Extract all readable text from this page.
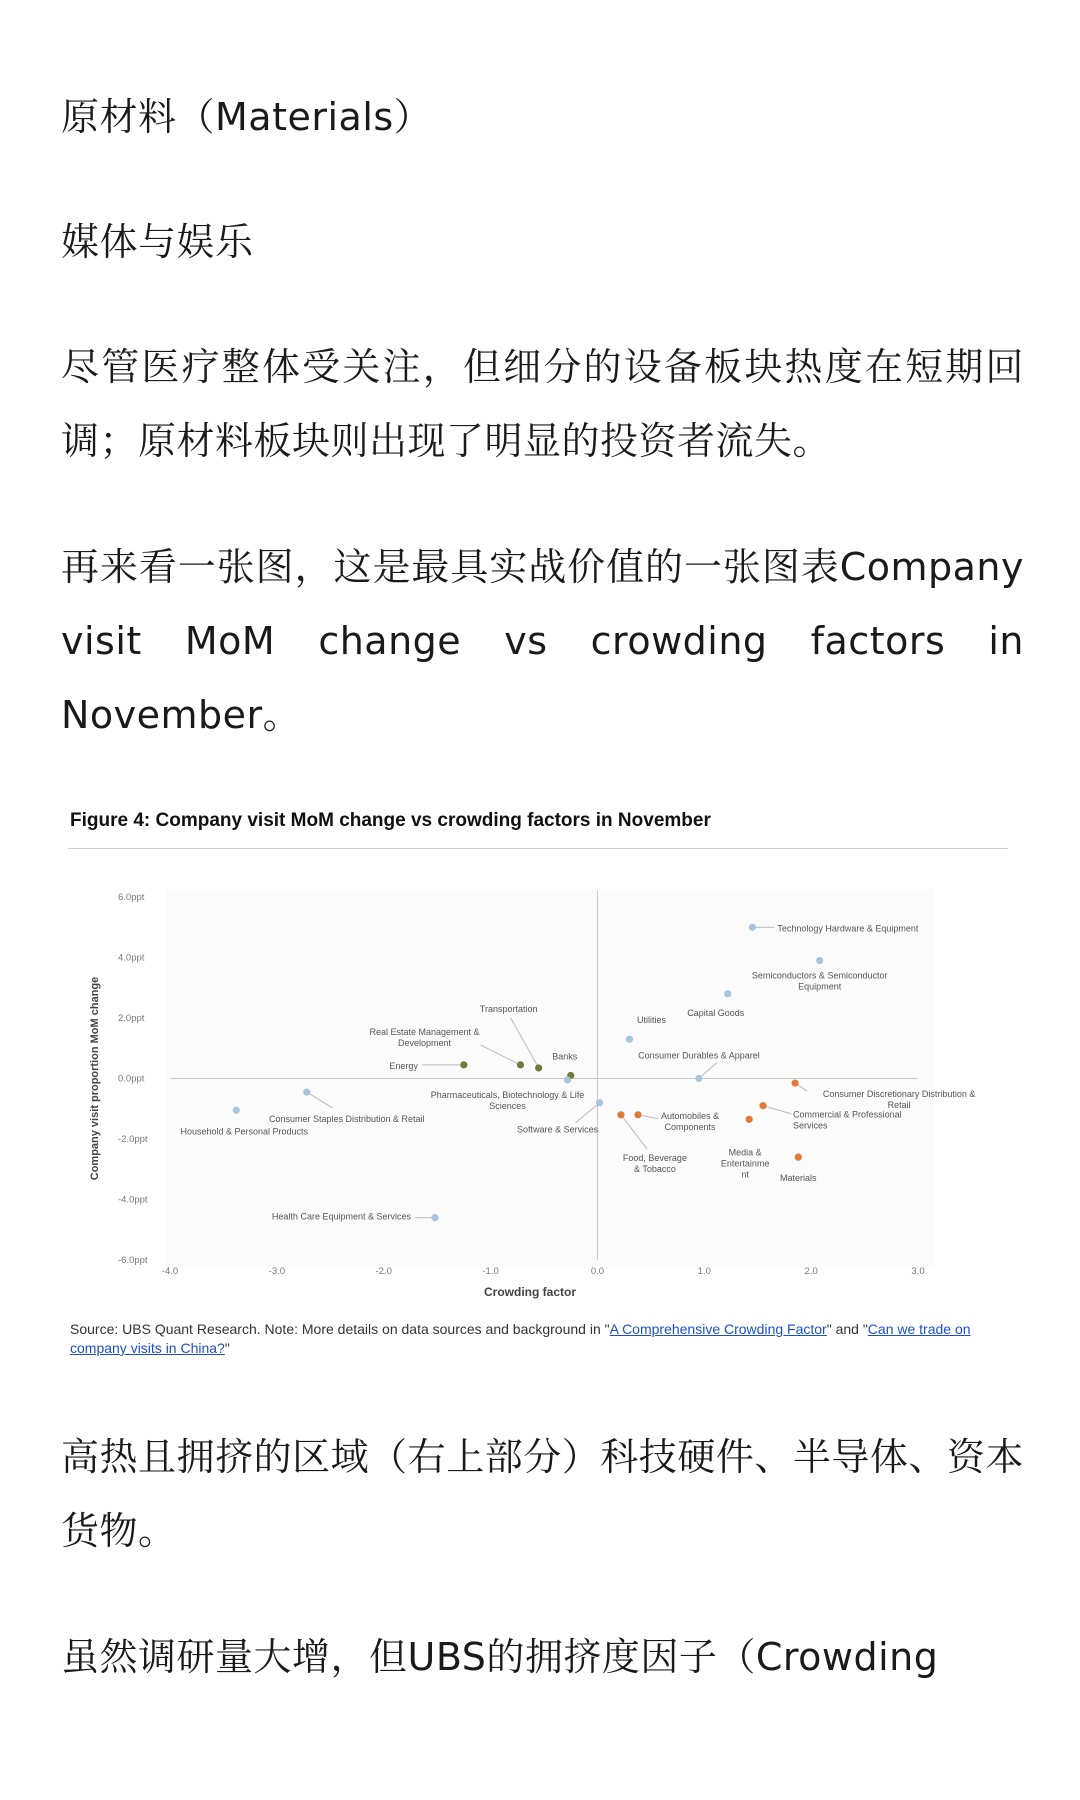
原材料（Materials）

媒体与娱乐

尽管医疗整体受关注，但细分的设备板块热度在短期回调；原材料板块则出现了明显的投资者流失。

再来看一张图，这是最具实战价值的一张图表Company visit MoM change vs crowding factors in November。

Figure 4: Company visit MoM change vs crowding factors in November

6.0ppt
4.0ppt
2.0ppt
0.0ppt
-2.0ppt
-4.0ppt
-6.0ppt
-4.0	-3.0	-2.0	-1.0	0.0	1.0	2.0	3.0
Crowding factor
Company visit proportion MoM change
Technology Hardware & Equipment
Semiconductors & Semiconductor Equipment
Capital Goods
Utilities
Consumer Durables & Apparel
Transportation
Real Estate Management & Development
Energy
Banks
Pharmaceuticals, Biotechnology & Life Sciences
Software & Services
Consumer Staples Distribution & Retail
Household & Personal Products
Health Care Equipment & Services
Consumer Discretionary Distribution & Retail
Commercial & Professional Services
Automobiles & Components
Food, Beverage & Tobacco
Media & Entertainme nt	Materials
Source: UBS Quant Research. Note: More details on data sources and background in "A Comprehensive Crowding Factor" and "Can we trade on company visits in China?"

高热且拥挤的区域（右上部分）科技硬件、半导体、资本货物。

虽然调研量大增，但UBS的拥挤度因子（Crowding
